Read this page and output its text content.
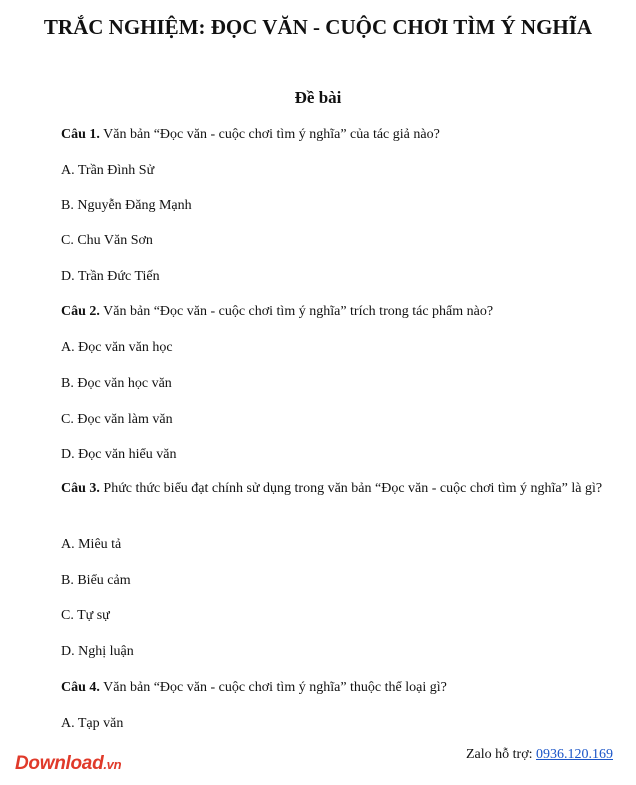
TRẮC NGHIỆM: ĐỌC VĂN - CUỘC CHƠI TÌM Ý NGHĨA
Đề bài

Câu 1. Văn bản “Đọc văn - cuộc chơi tìm ý nghĩa” của tác giả nào?

A. Trần Đình Sử

B. Nguyễn Đăng Mạnh

C. Chu Văn Sơn

D. Trần Đức Tiến

Câu 2. Văn bản “Đọc văn - cuộc chơi tìm ý nghĩa” trích trong tác phẩm nào?

A. Đọc văn văn học

B. Đọc văn học văn

C. Đọc văn làm văn

D. Đọc văn hiểu văn

Câu 3. Phức thức biểu đạt chính sử dụng trong văn bản “Đọc văn - cuộc chơi tìm ý nghĩa” là gì?

A. Miêu tả

B. Biểu cảm

C. Tự sự

D. Nghị luận

Câu 4. Văn bản “Đọc văn - cuộc chơi tìm ý nghĩa” thuộc thể loại gì?

A. Tạp văn

Download.vn
Zalo hỗ trợ: 0936.120.169
